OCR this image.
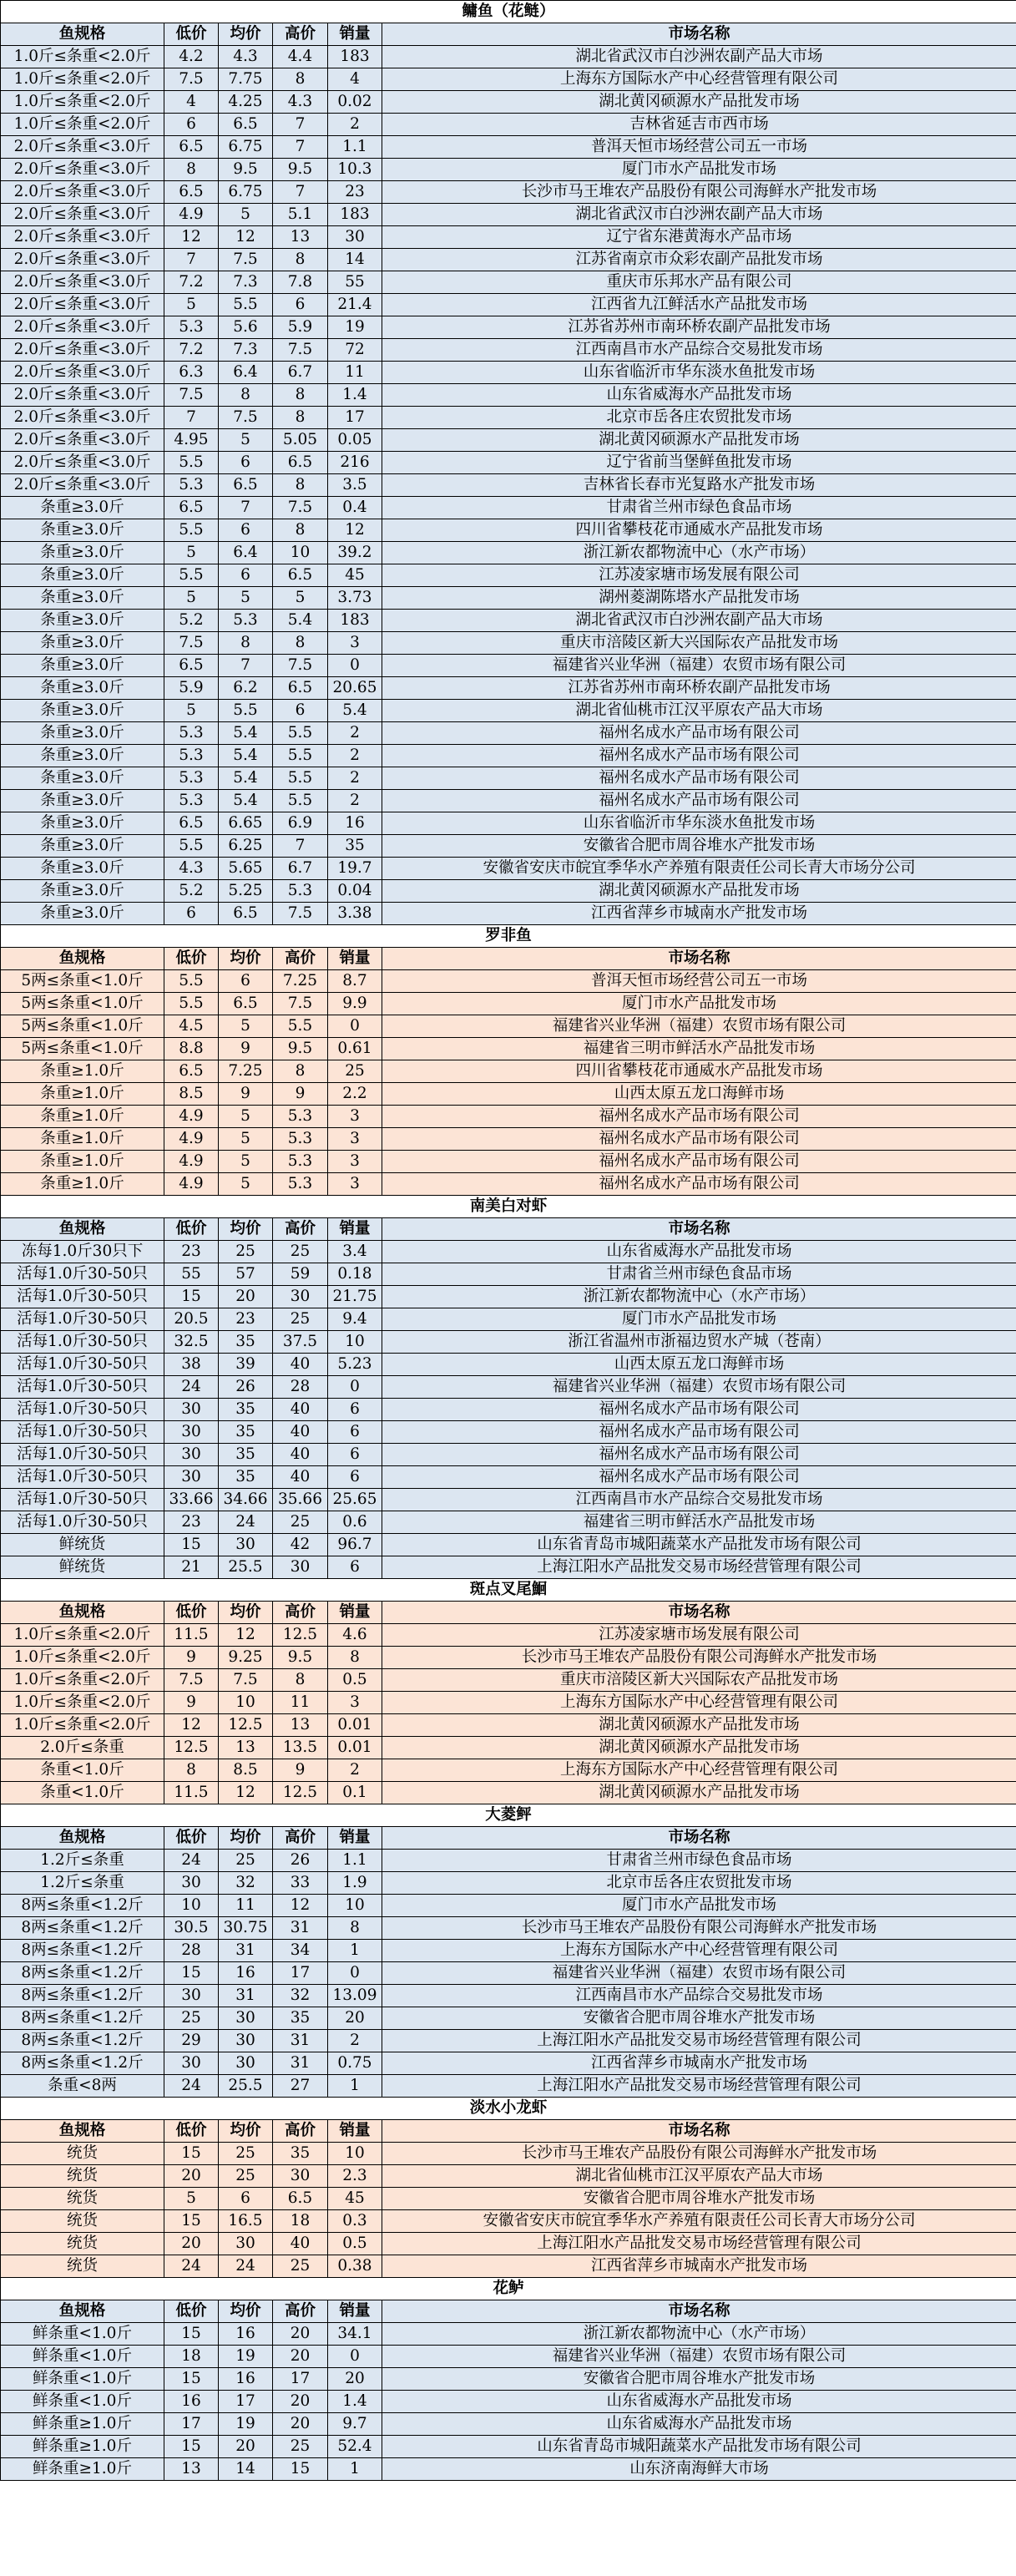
鳙鱼（花鲢）					
鱼规格	低价	均价	高价	销量	市场名称
1.0斤≤条重<2.0斤	4.2	4.3	4.4	183	湖北省武汉市白沙洲农副产品大市场
1.0斤≤条重<2.0斤	7.5	7.75	8	4	上海东方国际水产中心经营管理有限公司
1.0斤≤条重<2.0斤	4	4.25	4.3	0.02	湖北黄冈硕源水产品批发市场
1.0斤≤条重<2.0斤	6	6.5	7	2	吉林省延吉市西市场
2.0斤≤条重<3.0斤	6.5	6.75	7	1.1	普洱天恒市场经营公司五一市场
2.0斤≤条重<3.0斤	8	9.5	9.5	10.3	厦门市水产品批发市场
2.0斤≤条重<3.0斤	6.5	6.75	7	23	长沙市马王堆农产品股份有限公司海鲜水产批发市场
2.0斤≤条重<3.0斤	4.9	5	5.1	183	湖北省武汉市白沙洲农副产品大市场
2.0斤≤条重<3.0斤	12	12	13	30	辽宁省东港黄海水产品市场
2.0斤≤条重<3.0斤	7	7.5	8	14	江苏省南京市众彩农副产品批发市场
2.0斤≤条重<3.0斤	7.2	7.3	7.8	55	重庆市乐邦水产品有限公司
2.0斤≤条重<3.0斤	5	5.5	6	21.4	江西省九江鲜活水产品批发市场
2.0斤≤条重<3.0斤	5.3	5.6	5.9	19	江苏省苏州市南环桥农副产品批发市场
2.0斤≤条重<3.0斤	7.2	7.3	7.5	72	江西南昌市水产品综合交易批发市场
2.0斤≤条重<3.0斤	6.3	6.4	6.7	11	山东省临沂市华东淡水鱼批发市场
2.0斤≤条重<3.0斤	7.5	8	8	1.4	山东省威海水产品批发市场
2.0斤≤条重<3.0斤	7	7.5	8	17	北京市岳各庄农贸批发市场
2.0斤≤条重<3.0斤	4.95	5	5.05	0.05	湖北黄冈硕源水产品批发市场
2.0斤≤条重<3.0斤	5.5	6	6.5	216	辽宁省前当堡鲜鱼批发市场
2.0斤≤条重<3.0斤	5.3	6.5	8	3.5	吉林省长春市光复路水产批发市场
条重≥3.0斤	6.5	7	7.5	0.4	甘肃省兰州市绿色食品市场
条重≥3.0斤	5.5	6	8	12	四川省攀枝花市通威水产品批发市场
条重≥3.0斤	5	6.4	10	39.2	浙江新农都物流中心（水产市场）
条重≥3.0斤	5.5	6	6.5	45	江苏凌家塘市场发展有限公司
条重≥3.0斤	5	5	5	3.73	湖州菱湖陈塔水产品批发市场
条重≥3.0斤	5.2	5.3	5.4	183	湖北省武汉市白沙洲农副产品大市场
条重≥3.0斤	7.5	8	8	3	重庆市涪陵区新大兴国际农产品批发市场
条重≥3.0斤	6.5	7	7.5	0	福建省兴业华洲（福建）农贸市场有限公司
条重≥3.0斤	5.9	6.2	6.5	20.65	江苏省苏州市南环桥农副产品批发市场
条重≥3.0斤	5	5.5	6	5.4	湖北省仙桃市江汉平原农产品大市场
条重≥3.0斤	5.3	5.4	5.5	2	福州名成水产品市场有限公司
条重≥3.0斤	5.3	5.4	5.5	2	福州名成水产品市场有限公司
条重≥3.0斤	5.3	5.4	5.5	2	福州名成水产品市场有限公司
条重≥3.0斤	5.3	5.4	5.5	2	福州名成水产品市场有限公司
条重≥3.0斤	6.5	6.65	6.9	16	山东省临沂市华东淡水鱼批发市场
条重≥3.0斤	5.5	6.25	7	35	安徽省合肥市周谷堆水产批发市场
条重≥3.0斤	4.3	5.65	6.7	19.7	安徽省安庆市皖宜季华水产养殖有限责任公司长青大市场分公司
条重≥3.0斤	5.2	5.25	5.3	0.04	湖北黄冈硕源水产品批发市场
条重≥3.0斤	6	6.5	7.5	3.38	江西省萍乡市城南水产批发市场
罗非鱼					
鱼规格	低价	均价	高价	销量	市场名称
5两≤条重<1.0斤	5.5	6	7.25	8.7	普洱天恒市场经营公司五一市场
5两≤条重<1.0斤	5.5	6.5	7.5	9.9	厦门市水产品批发市场
5两≤条重<1.0斤	4.5	5	5.5	0	福建省兴业华洲（福建）农贸市场有限公司
5两≤条重<1.0斤	8.8	9	9.5	0.61	福建省三明市鲜活水产品批发市场
条重≥1.0斤	6.5	7.25	8	25	四川省攀枝花市通威水产品批发市场
条重≥1.0斤	8.5	9	9	2.2	山西太原五龙口海鲜市场
条重≥1.0斤	4.9	5	5.3	3	福州名成水产品市场有限公司
条重≥1.0斤	4.9	5	5.3	3	福州名成水产品市场有限公司
条重≥1.0斤	4.9	5	5.3	3	福州名成水产品市场有限公司
条重≥1.0斤	4.9	5	5.3	3	福州名成水产品市场有限公司
南美白对虾					
鱼规格	低价	均价	高价	销量	市场名称
冻每1.0斤30只下	23	25	25	3.4	山东省威海水产品批发市场
活每1.0斤30-50只	55	57	59	0.18	甘肃省兰州市绿色食品市场
活每1.0斤30-50只	15	20	30	21.75	浙江新农都物流中心（水产市场）
活每1.0斤30-50只	20.5	23	25	9.4	厦门市水产品批发市场
活每1.0斤30-50只	32.5	35	37.5	10	浙江省温州市浙福边贸水产城（苍南）
活每1.0斤30-50只	38	39	40	5.23	山西太原五龙口海鲜市场
活每1.0斤30-50只	24	26	28	0	福建省兴业华洲（福建）农贸市场有限公司
活每1.0斤30-50只	30	35	40	6	福州名成水产品市场有限公司
活每1.0斤30-50只	30	35	40	6	福州名成水产品市场有限公司
活每1.0斤30-50只	30	35	40	6	福州名成水产品市场有限公司
活每1.0斤30-50只	30	35	40	6	福州名成水产品市场有限公司
活每1.0斤30-50只	33.66	34.66	35.66	25.65	江西南昌市水产品综合交易批发市场
活每1.0斤30-50只	23	24	25	0.6	福建省三明市鲜活水产品批发市场
鲜统货	15	30	42	96.7	山东省青岛市城阳蔬菜水产品批发市场有限公司
鲜统货	21	25.5	30	6	上海江阳水产品批发交易市场经营管理有限公司
斑点叉尾鮰					
鱼规格	低价	均价	高价	销量	市场名称
1.0斤≤条重<2.0斤	11.5	12	12.5	4.6	江苏凌家塘市场发展有限公司
1.0斤≤条重<2.0斤	9	9.25	9.5	8	长沙市马王堆农产品股份有限公司海鲜水产批发市场
1.0斤≤条重<2.0斤	7.5	7.5	8	0.5	重庆市涪陵区新大兴国际农产品批发市场
1.0斤≤条重<2.0斤	9	10	11	3	上海东方国际水产中心经营管理有限公司
1.0斤≤条重<2.0斤	12	12.5	13	0.01	湖北黄冈硕源水产品批发市场
2.0斤≤条重	12.5	13	13.5	0.01	湖北黄冈硕源水产品批发市场
条重<1.0斤	8	8.5	9	2	上海东方国际水产中心经营管理有限公司
条重<1.0斤	11.5	12	12.5	0.1	湖北黄冈硕源水产品批发市场
大菱鲆					
鱼规格	低价	均价	高价	销量	市场名称
1.2斤≤条重	24	25	26	1.1	甘肃省兰州市绿色食品市场
1.2斤≤条重	30	32	33	1.9	北京市岳各庄农贸批发市场
8两≤条重<1.2斤	10	11	12	10	厦门市水产品批发市场
8两≤条重<1.2斤	30.5	30.75	31	8	长沙市马王堆农产品股份有限公司海鲜水产批发市场
8两≤条重<1.2斤	28	31	34	1	上海东方国际水产中心经营管理有限公司
8两≤条重<1.2斤	15	16	17	0	福建省兴业华洲（福建）农贸市场有限公司
8两≤条重<1.2斤	30	31	32	13.09	江西南昌市水产品综合交易批发市场
8两≤条重<1.2斤	25	30	35	20	安徽省合肥市周谷堆水产批发市场
8两≤条重<1.2斤	29	30	31	2	上海江阳水产品批发交易市场经营管理有限公司
8两≤条重<1.2斤	30	30	31	0.75	江西省萍乡市城南水产批发市场
条重<8两	24	25.5	27	1	上海江阳水产品批发交易市场经营管理有限公司
淡水小龙虾					
鱼规格	低价	均价	高价	销量	市场名称
统货	15	25	35	10	长沙市马王堆农产品股份有限公司海鲜水产批发市场
统货	20	25	30	2.3	湖北省仙桃市江汉平原农产品大市场
统货	5	6	6.5	45	安徽省合肥市周谷堆水产批发市场
统货	15	16.5	18	0.3	安徽省安庆市皖宜季华水产养殖有限责任公司长青大市场分公司
统货	20	30	40	0.5	上海江阳水产品批发交易市场经营管理有限公司
统货	24	24	25	0.38	江西省萍乡市城南水产批发市场
花鲈					
鱼规格	低价	均价	高价	销量	市场名称
鲜条重<1.0斤	15	16	20	34.1	浙江新农都物流中心（水产市场）
鲜条重<1.0斤	18	19	20	0	福建省兴业华洲（福建）农贸市场有限公司
鲜条重<1.0斤	15	16	17	20	安徽省合肥市周谷堆水产批发市场
鲜条重<1.0斤	16	17	20	1.4	山东省威海水产品批发市场
鲜条重≥1.0斤	17	19	20	9.7	山东省威海水产品批发市场
鲜条重≥1.0斤	15	20	25	52.4	山东省青岛市城阳蔬菜水产品批发市场有限公司
鲜条重≥1.0斤	13	14	15	1	山东济南海鲜大市场
